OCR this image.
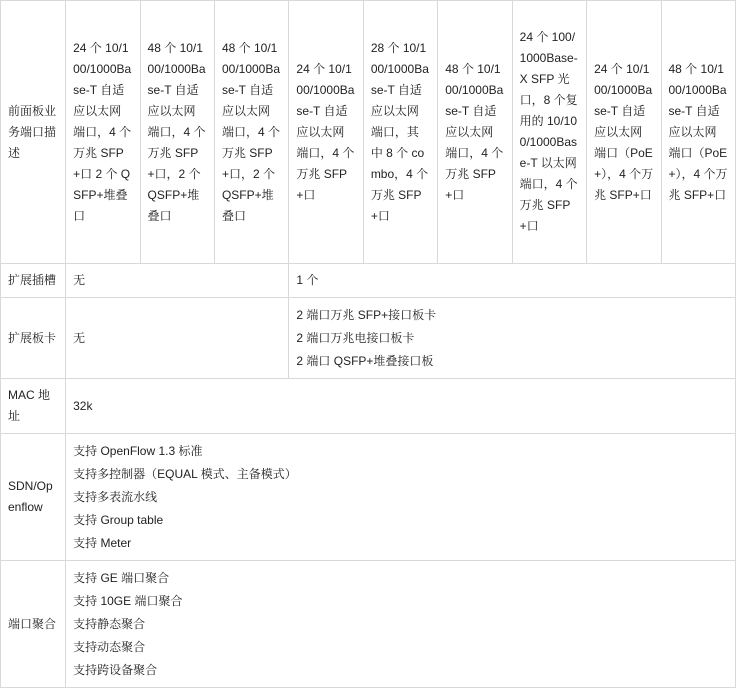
前面板业务端口描述	24 个 10/100/1000Base-T 自适应以太网端口，4 个万兆 SFP+口 2 个 QSFP+堆叠口	48 个 10/100/1000Base-T 自适应以太网端口，4 个万兆 SFP+口，2 个 QSFP+堆叠口	48 个 10/100/1000Base-T 自适应以太网端口，4 个万兆 SFP+口，2 个 QSFP+堆叠口	24 个 10/100/1000Base-T 自适应以太网端口，4 个万兆 SFP+口	28 个 10/100/1000Base-T 自适应以太网端口，其中 8 个 combo，4 个万兆 SFP+口	48 个 10/100/1000Base-T 自适应以太网端口，4 个万兆 SFP+口	24 个 100/1000Base-X SFP 光口，8 个复用的 10/100/1000Base-T 以太网端口，4 个万兆 SFP+口	24 个 10/100/1000Base-T 自适应以太网端口（PoE+），4 个万兆 SFP+口	48 个 10/100/1000Base-T 自适应以太网端口（PoE+），4 个万兆 SFP+口
扩展插槽	无			1 个					
扩展板卡	无			2 端口万兆 SFP+接口板卡
2 端口万兆电接口板卡
2 端口 QSFP+堆叠接口板					

MAC 地址	32k								
SDN/Openflow	支持 OpenFlow 1.3 标准
支持多控制器（EQUAL 模式、主备模式）
支持多表流水线
支持 Group table
支持 Meter								

端口聚合	支持 GE 端口聚合
支持 10GE 端口聚合
支持静态聚合
支持动态聚合
支持跨设备聚合								
